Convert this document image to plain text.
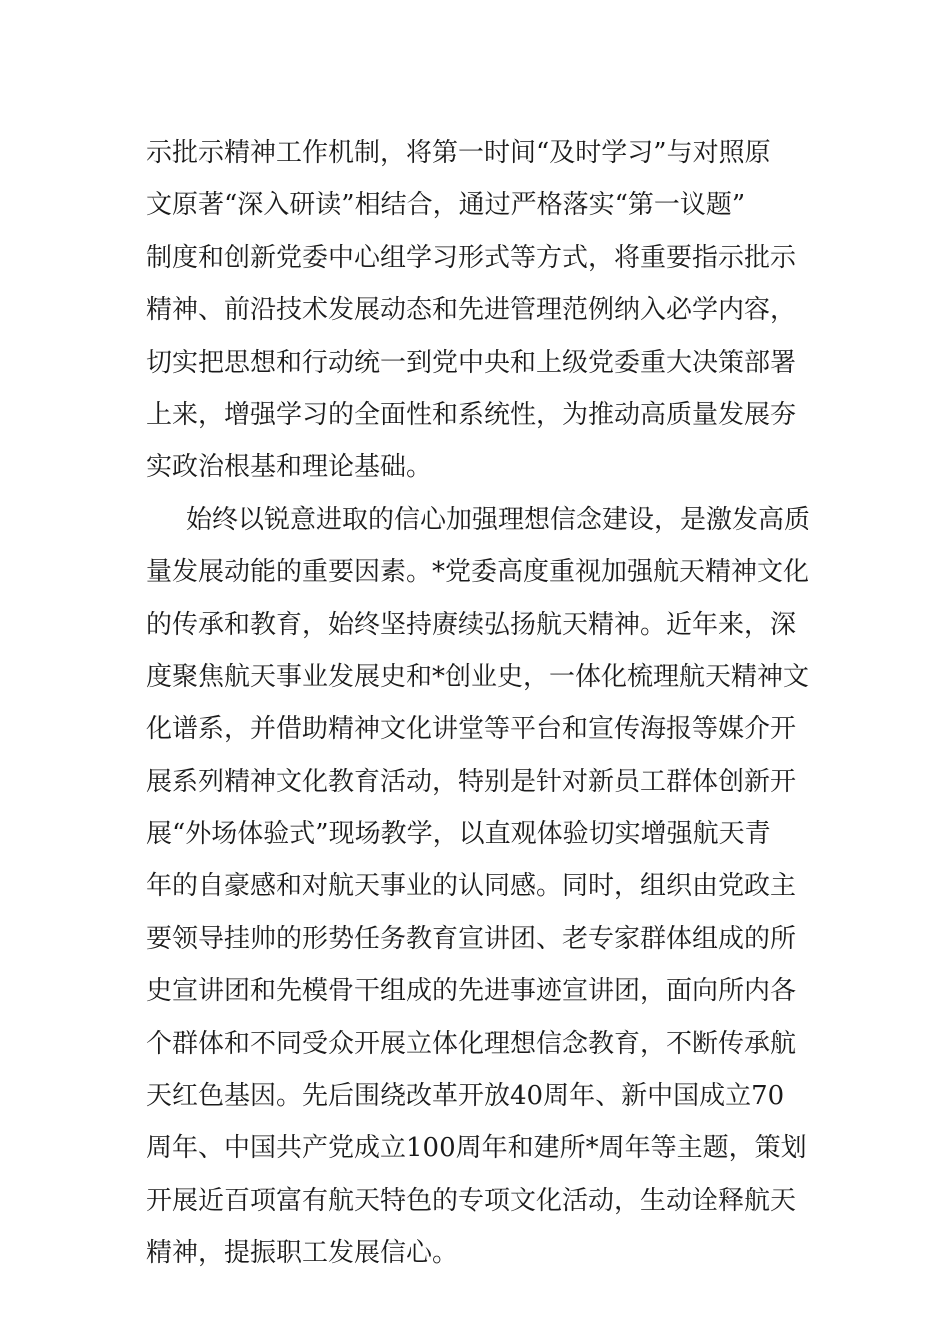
示批示精神工作机制，将第一时间“及时学习”与对照原
文原著“深入研读”相结合，通过严格落实“第一议题”
制度和创新党委中心组学习形式等方式，将重要指示批示
精神、前沿技术发展动态和先进管理范例纳入必学内容，
切实把思想和行动统一到党中央和上级党委重大决策部署
上来，增强学习的全面性和系统性，为推动高质量发展夯
实政治根基和理论基础。
始终以锐意进取的信心加强理想信念建设，是激发高质
量发展动能的重要因素。*党委高度重视加强航天精神文化
的传承和教育，始终坚持赓续弘扬航天精神。近年来，深
度聚焦航天事业发展史和*创业史，一体化梳理航天精神文
化谱系，并借助精神文化讲堂等平台和宣传海报等媒介开
展系列精神文化教育活动，特别是针对新员工群体创新开
展“外场体验式”现场教学，以直观体验切实增强航天青
年的自豪感和对航天事业的认同感。同时，组织由党政主
要领导挂帅的形势任务教育宣讲团、老专家群体组成的所
史宣讲团和先模骨干组成的先进事迹宣讲团，面向所内各
个群体和不同受众开展立体化理想信念教育，不断传承航
天红色基因。先后围绕改革开放40周年、新中国成立70
周年、中国共产党成立100周年和建所*周年等主题，策划
开展近百项富有航天特色的专项文化活动，生动诠释航天
精神，提振职工发展信心。
